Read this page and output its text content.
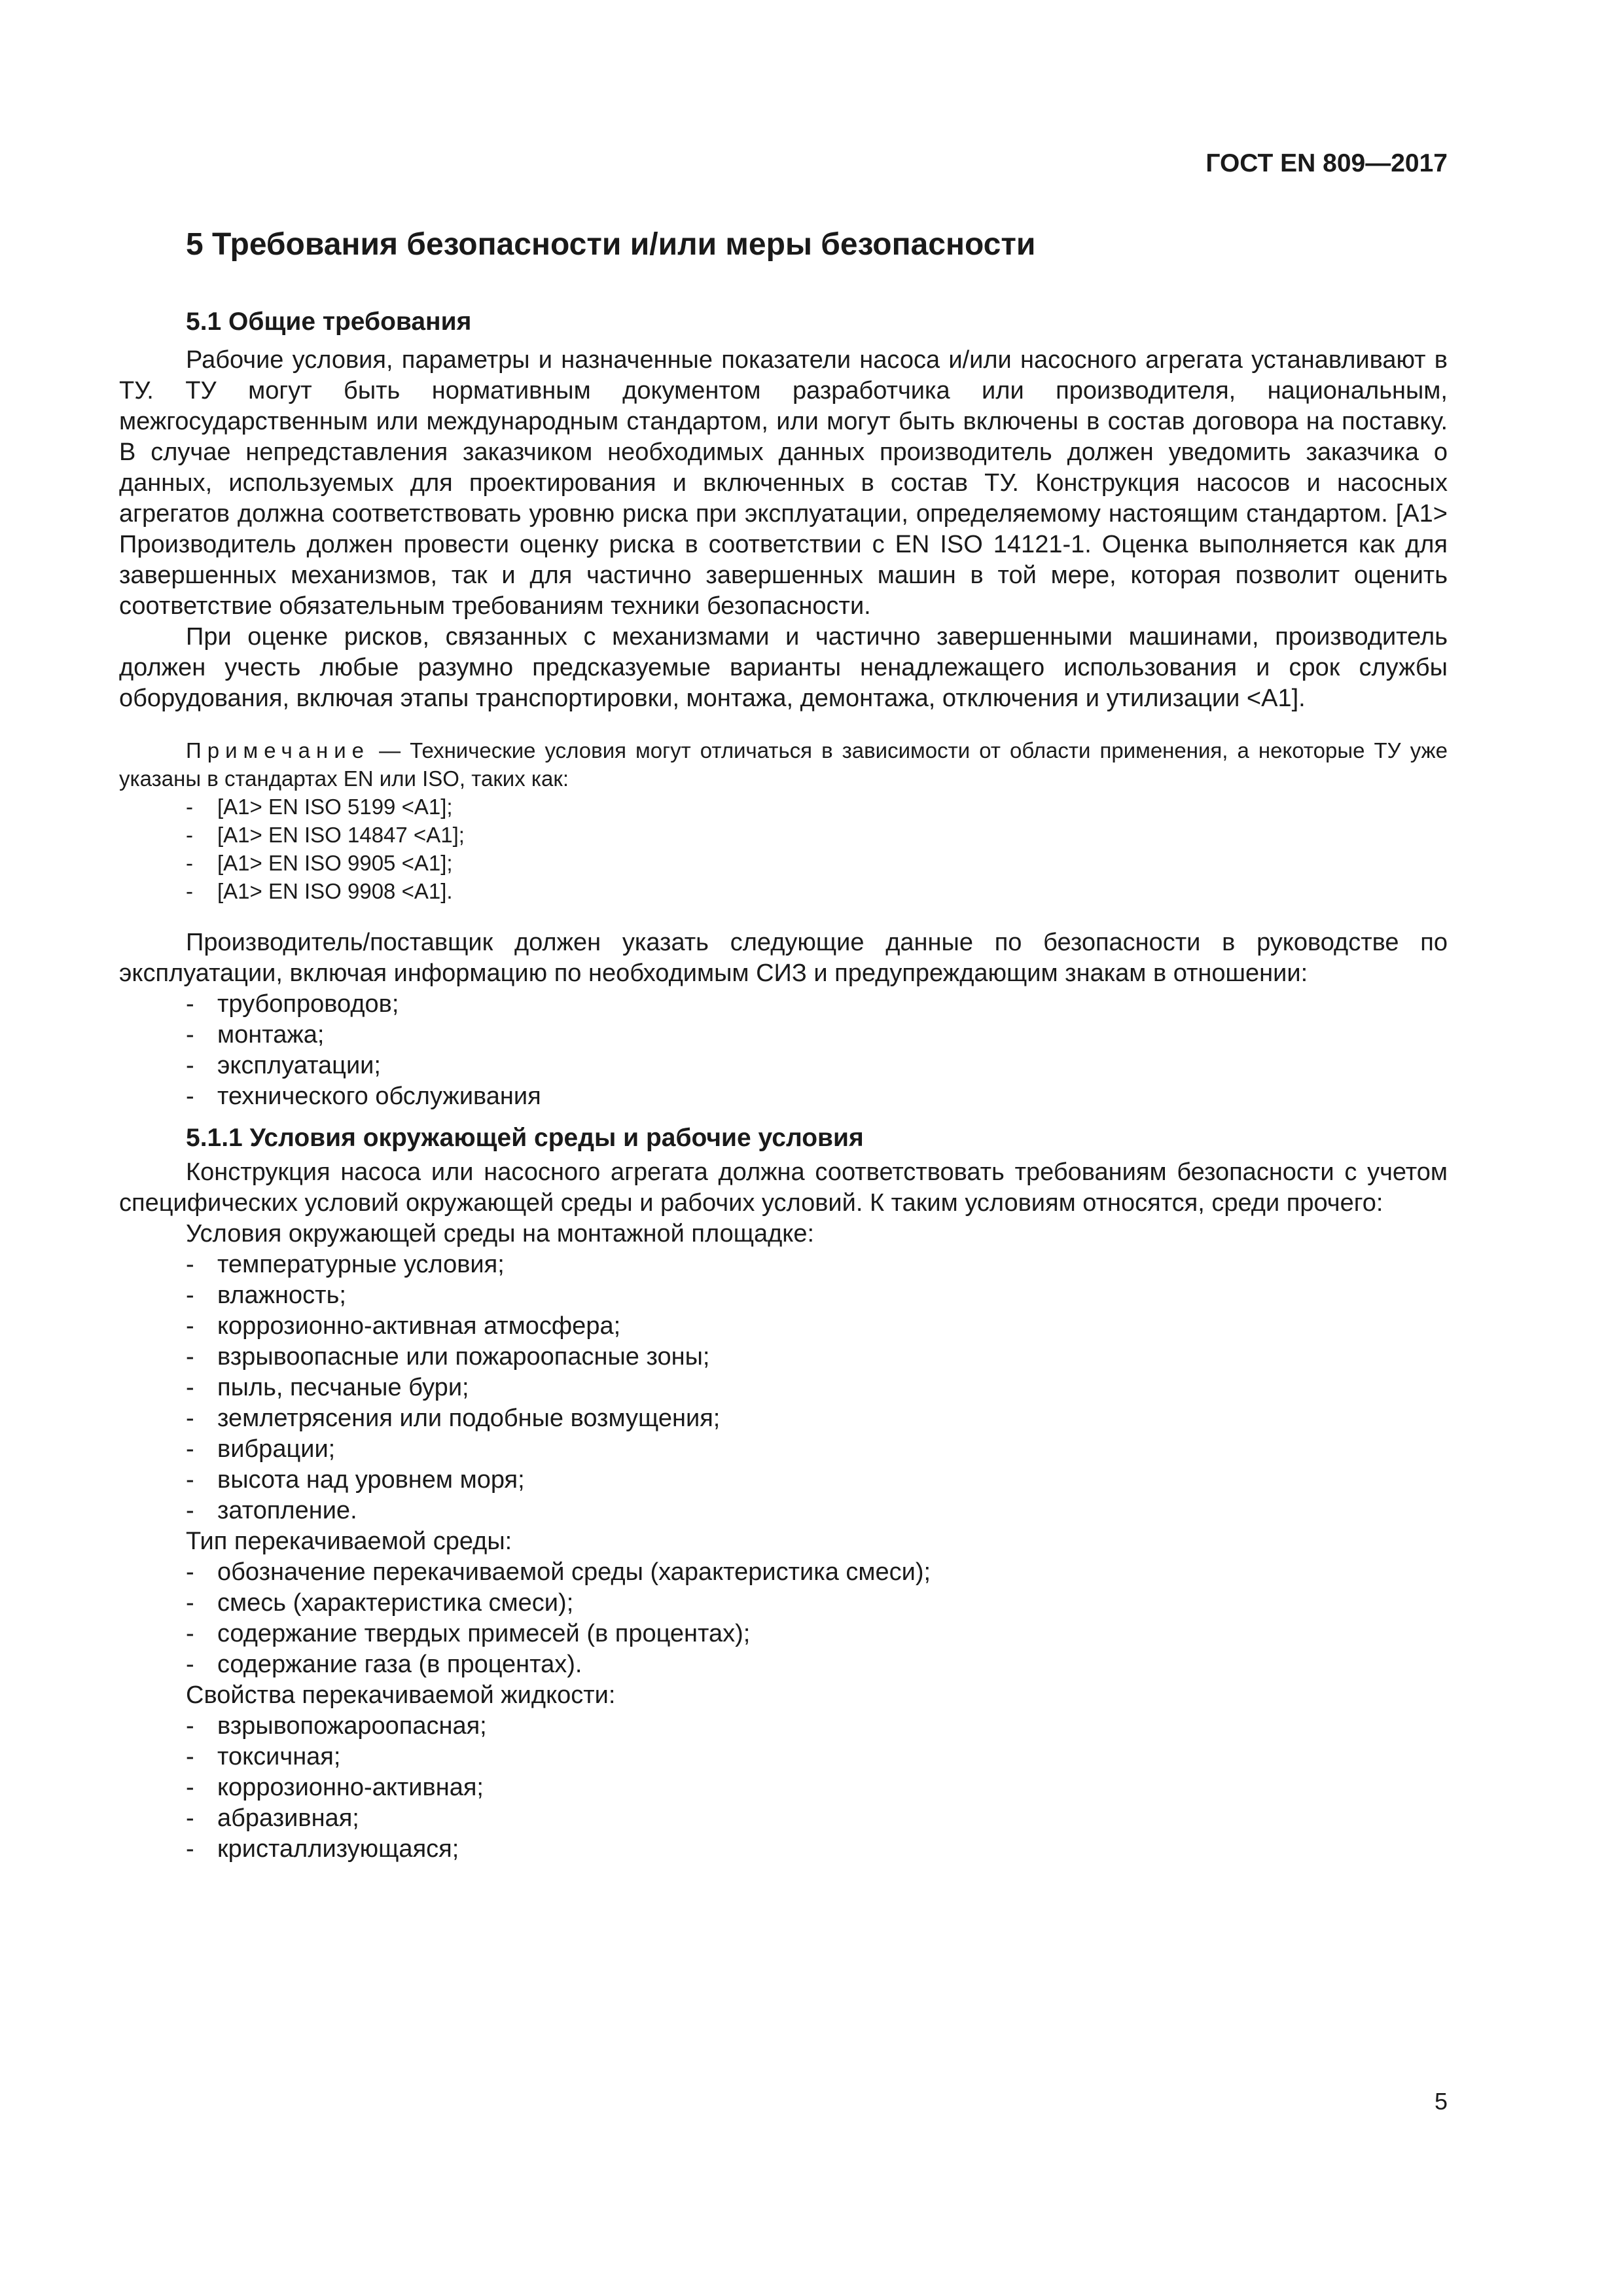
ГОСТ EN 809—2017
5 Требования безопасности и/или меры безопасности
5.1 Общие требования

Рабочие условия, параметры и назначенные показатели насоса и/или насосного агрегата устанавливают в ТУ. ТУ могут быть нормативным документом разработчика или производителя, национальным, межгосударственным или международным стандартом, или могут быть включены в состав договора на поставку. В случае непредставления заказчиком необходимых данных производитель должен уведомить заказчика о данных, используемых для проектирования и включенных в состав ТУ. Конструкция насосов и насосных агрегатов должна соответствовать уровню риска при эксплуатации, определяемому настоящим стандартом. [А1> Производитель должен провести оценку риска в соответствии с EN ISO 14121-1. Оценка выполняется как для завершенных механизмов, так и для частично завершенных машин в той мере, которая позволит оценить соответствие обязательным требованиям техники безопасности.

При оценке рисков, связанных с механизмами и частично завершенными машинами, производитель должен учесть любые разумно предсказуемые варианты ненадлежащего использования и срок службы оборудования, включая этапы транспортировки, монтажа, демонтажа, отключения и утилизации <А1].

Примечание — Технические условия могут отличаться в зависимости от области применения, а некоторые ТУ уже указаны в стандартах EN или ISO, таких как:

- [А1> EN ISO 5199 <А1];
- [А1> EN ISO 14847 <А1];
- [А1> EN ISO 9905 <А1];
- [А1> EN ISO 9908 <А1].

Производитель/поставщик должен указать следующие данные по безопасности в руководстве по эксплуатации, включая информацию по необходимым СИЗ и предупреждающим знакам в отношении:

- трубопроводов;
- монтажа;
- эксплуатации;
- технического обслуживания
5.1.1 Условия окружающей среды и рабочие условия

Конструкция насоса или насосного агрегата должна соответствовать требованиям безопасности с учетом специфических условий окружающей среды и рабочих условий. К таким условиям относятся, среди прочего:

Условия окружающей среды на монтажной площадке:
- температурные условия;
- влажность;
- коррозионно-активная атмосфера;
- взрывоопасные или пожароопасные зоны;
- пыль, песчаные бури;
- землетрясения или подобные возмущения;
- вибрации;
- высота над уровнем моря;
- затопление.
Тип перекачиваемой среды:
- обозначение перекачиваемой среды (характеристика смеси);
- смесь (характеристика смеси);
- содержание твердых примесей (в процентах);
- содержание газа (в процентах).
Свойства перекачиваемой жидкости:
- взрывопожароопасная;
- токсичная;
- коррозионно-активная;
- абразивная;
- кристаллизующаяся;
5
